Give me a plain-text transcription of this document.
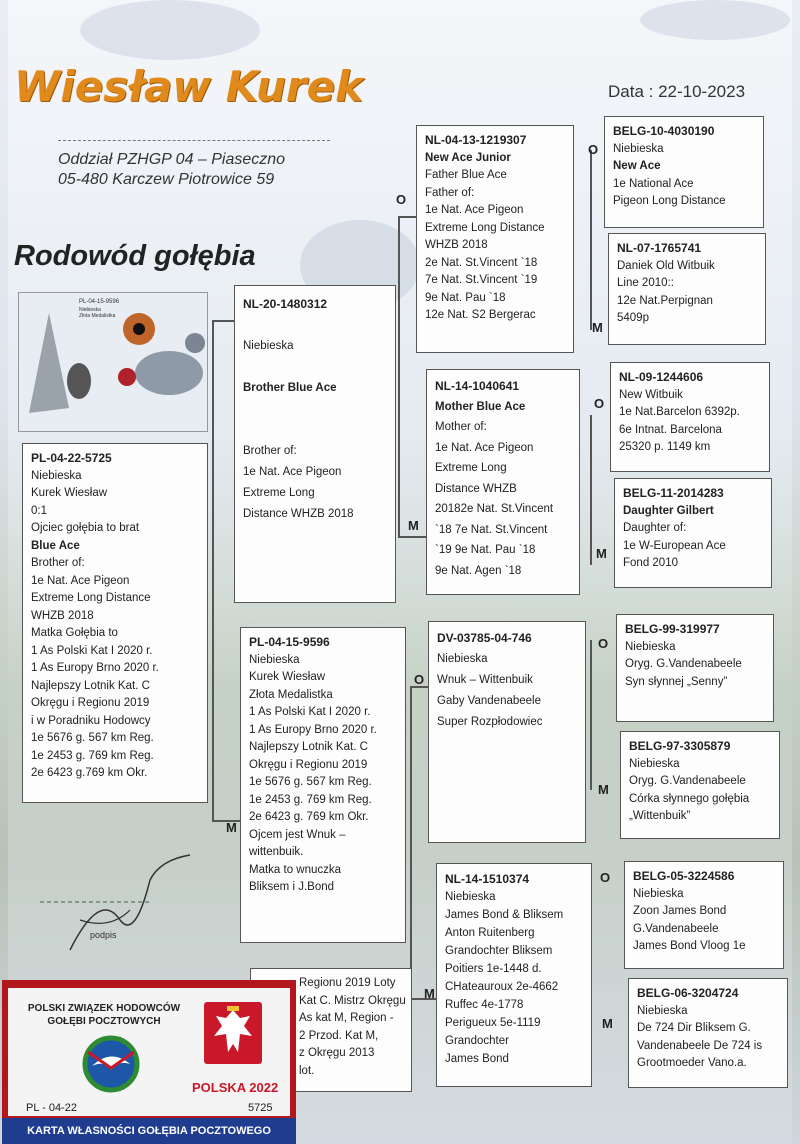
Wiesław Kurek	Data : 22-10-2023
Oddział PZHGP 04 – Piaseczno
05-480 Karczew Piotrowice 59
Rodowód gołębia
PL-04-15-9596
Niebieska
Złota Medalistka
O
M
M
O
M
O
M
O
M
O
M
O
M
PL-04-22-5725
Niebieska
Kurek Wiesław
0:1
Ojciec gołębia to brat
Blue Ace
Brother of:
1e Nat. Ace Pigeon
Extreme Long Distance
WHZB 2018
Matka Gołębia to
1 As Polski Kat I 2020 r.
1 As Europy Brno 2020 r.
Najlepszy Lotnik Kat. C
Okręgu i Regionu 2019
i w Poradniku Hodowcy
1e 5676 g. 567 km Reg.
1e 2453 g. 769 km Reg.
2e 6423 g.769 km Okr.
NL-20-1480312

Niebieska

Brother Blue Ace

Brother of:
1e Nat. Ace Pigeon
Extreme Long
Distance WHZB 2018
PL-04-15-9596
Niebieska
Kurek Wiesław
Złota Medalistka
1 As Polski Kat I 2020 r.
1 As Europy Brno 2020 r.
Najlepszy Lotnik Kat. C
Okręgu i Regionu 2019
1e 5676 g. 567 km Reg.
1e 2453 g. 769 km Reg.
2e 6423 g. 769 km Okr.
Ojcem jest Wnuk –
wittenbuik.
Matka to wnuczka
Bliksem i J.Bond
Regionu 2019 Loty
Kat C. Mistrz Okręgu
As kat M, Region -
2 Przod. Kat M,
z Okręgu 2013
lot.
NL-04-13-1219307
New Ace Junior
Father Blue Ace
Father of:
1e Nat. Ace Pigeon
Extreme Long Distance
WHZB 2018
2e Nat. St.Vincent `18
7e Nat. St.Vincent `19
9e Nat. Pau `18
12e Nat. S2 Bergerac
NL-14-1040641
Mother Blue Ace
Mother of:
1e Nat. Ace Pigeon
Extreme Long
Distance WHZB
20182e Nat. St.Vincent
`18 7e Nat. St.Vincent
`19 9e Nat. Pau `18
9e Nat. Agen `18
DV-03785-04-746
Niebieska
Wnuk – Wittenbuik
Gaby Vandenabeele
Super Rozpłodowiec
NL-14-1510374
Niebieska
James Bond & Bliksem
Anton Ruitenberg
Grandochter Bliksem
Poitiers 1e-1448 d.
CHateauroux 2e-4662
Ruffec 4e-1778
Perigueux 5e-1119
Grandochter
James Bond
BELG-10-4030190
Niebieska
New Ace
1e National Ace
Pigeon Long Distance
NL-07-1765741
Daniek Old Witbuik
Line 2010::
12e Nat.Perpignan
5409p
NL-09-1244606
New Witbuik
1e Nat.Barcelon 6392p.
6e Intnat. Barcelona
25320 p. 1149 km
BELG-11-2014283
Daughter Gilbert
Daughter of:
1e W-European Ace
Fond 2010
BELG-99-319977
Niebieska
Oryg. G.Vandenabeele
Syn słynnej „Senny”
BELG-97-3305879
Niebieska
Oryg. G.Vandenabeele
Córka słynnego gołębia
„Wittenbuik”
BELG-05-3224586
Niebieska
Zoon James Bond
G.Vandenabeele
James Bond Vloog 1e
BELG-06-3204724
Niebieska
De 724 Dir Bliksem G.
Vandenabeele De 724 is
Grootmoeder Vano.a.
podpis
POLSKI ZWIĄZEK HODOWCÓW
GOŁĘBI POCZTOWYCH
POLSKA 2022
PL - 04-22	5725
KARTA WŁASNOŚCI GOŁĘBIA POCZTOWEGO
